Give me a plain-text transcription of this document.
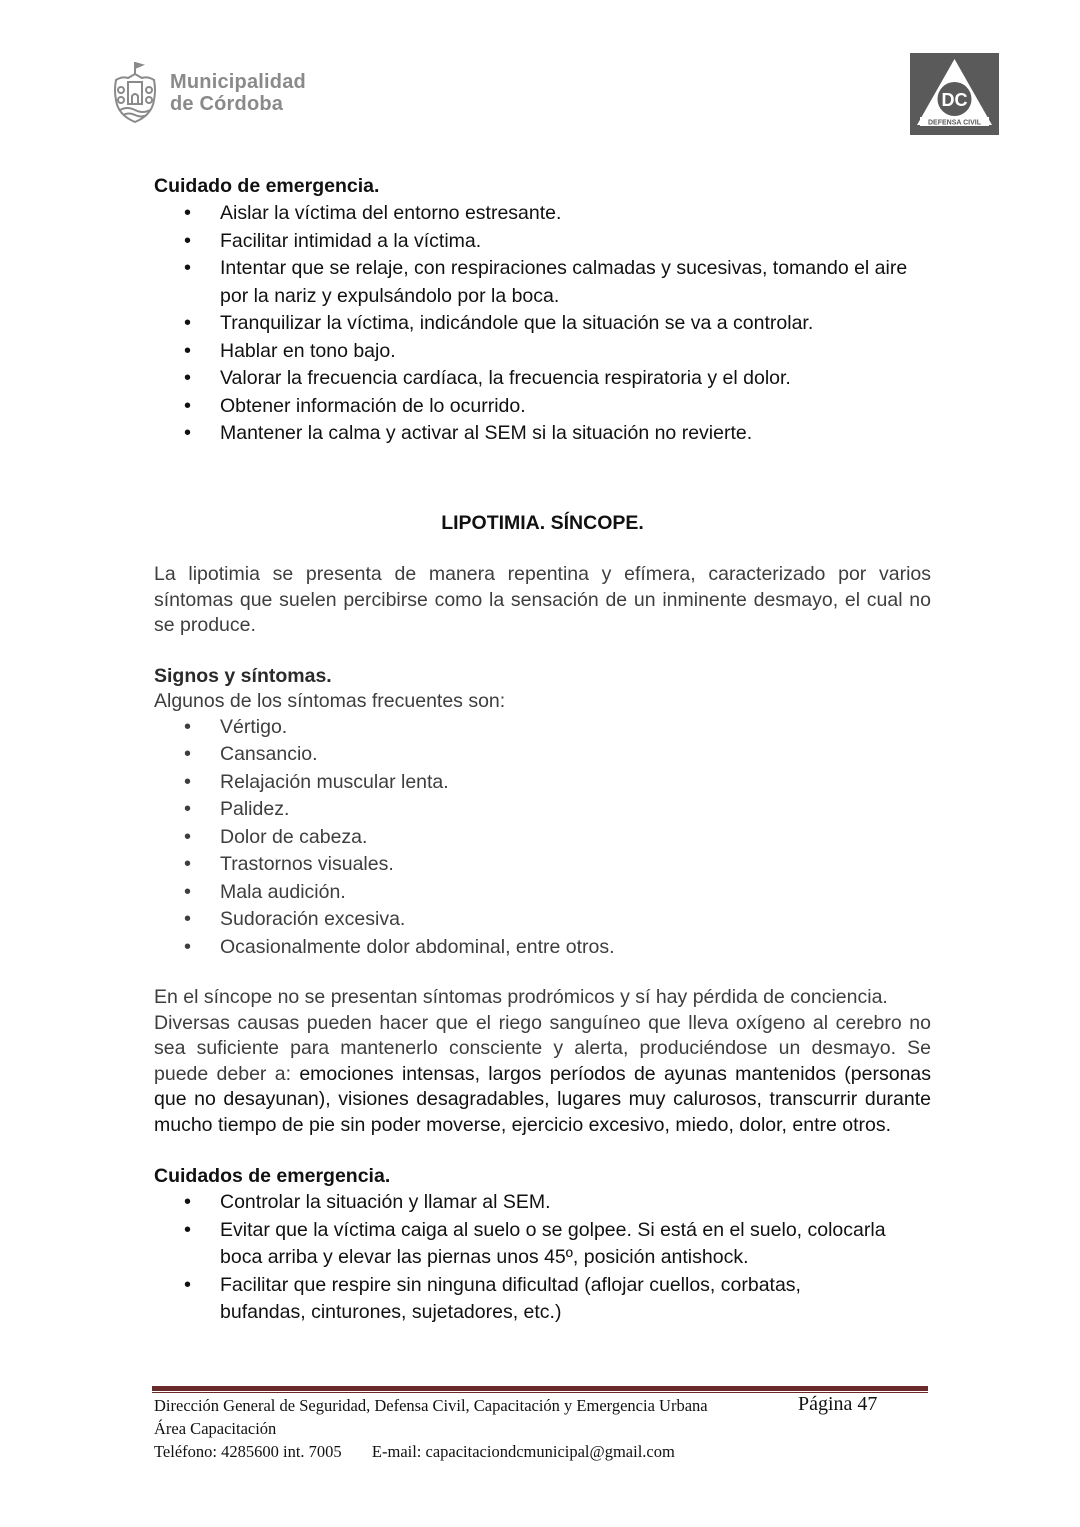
Municipalidad
de Córdoba	DC
DEFENSA CIVIL
Cuidado de emergencia.
• Aislar la víctima del entorno estresante.
• Facilitar intimidad a la víctima.
• Intentar que se relaje, con respiraciones calmadas y sucesivas, tomando el aire por la nariz y expulsándolo por la boca.
• Tranquilizar la víctima, indicándole que la situación se va a controlar.
• Hablar en tono bajo.
• Valorar la frecuencia cardíaca, la frecuencia respiratoria y el dolor.
• Obtener información de lo ocurrido.
• Mantener la calma y activar al SEM si la situación no revierte.
LIPOTIMIA. SÍNCOPE.

La lipotimia se presenta de manera repentina y efímera, caracterizado por varios síntomas que suelen percibirse como la sensación de un inminente desmayo, el cual no se produce.

Signos y síntomas.
Algunos de los síntomas frecuentes son:
• Vértigo.
• Cansancio.
• Relajación muscular lenta.
• Palidez.
• Dolor de cabeza.
• Trastornos visuales.
• Mala audición.
• Sudoración excesiva.
• Ocasionalmente dolor abdominal, entre otros.

En el síncope no se presentan síntomas prodrómicos y sí hay pérdida de conciencia.

Diversas causas pueden hacer que el riego sanguíneo que lleva oxígeno al cerebro no sea suficiente para mantenerlo consciente y alerta, produciéndose un desmayo. Se puede deber a: emociones intensas, largos períodos de ayunas mantenidos (personas que no desayunan), visiones desagradables, lugares muy calurosos, transcurrir durante mucho tiempo de pie sin poder moverse, ejercicio excesivo, miedo, dolor, entre otros.

Cuidados de emergencia.
• Controlar la situación y llamar al SEM.
• Evitar que la víctima caiga al suelo o se golpee. Si está en el suelo, colocarla boca arriba y elevar las piernas unos 45º, posición antishock.
• Facilitar que respire sin ninguna dificultad (aflojar cuellos, corbatas, bufandas, cinturones, sujetadores, etc.)
Dirección General de Seguridad, Defensa Civil, Capacitación y Emergencia Urbana
Área Capacitación
Teléfono: 4285600 int. 7005 E-mail: capacitaciondcmunicipal@gmail.com
Página 47
